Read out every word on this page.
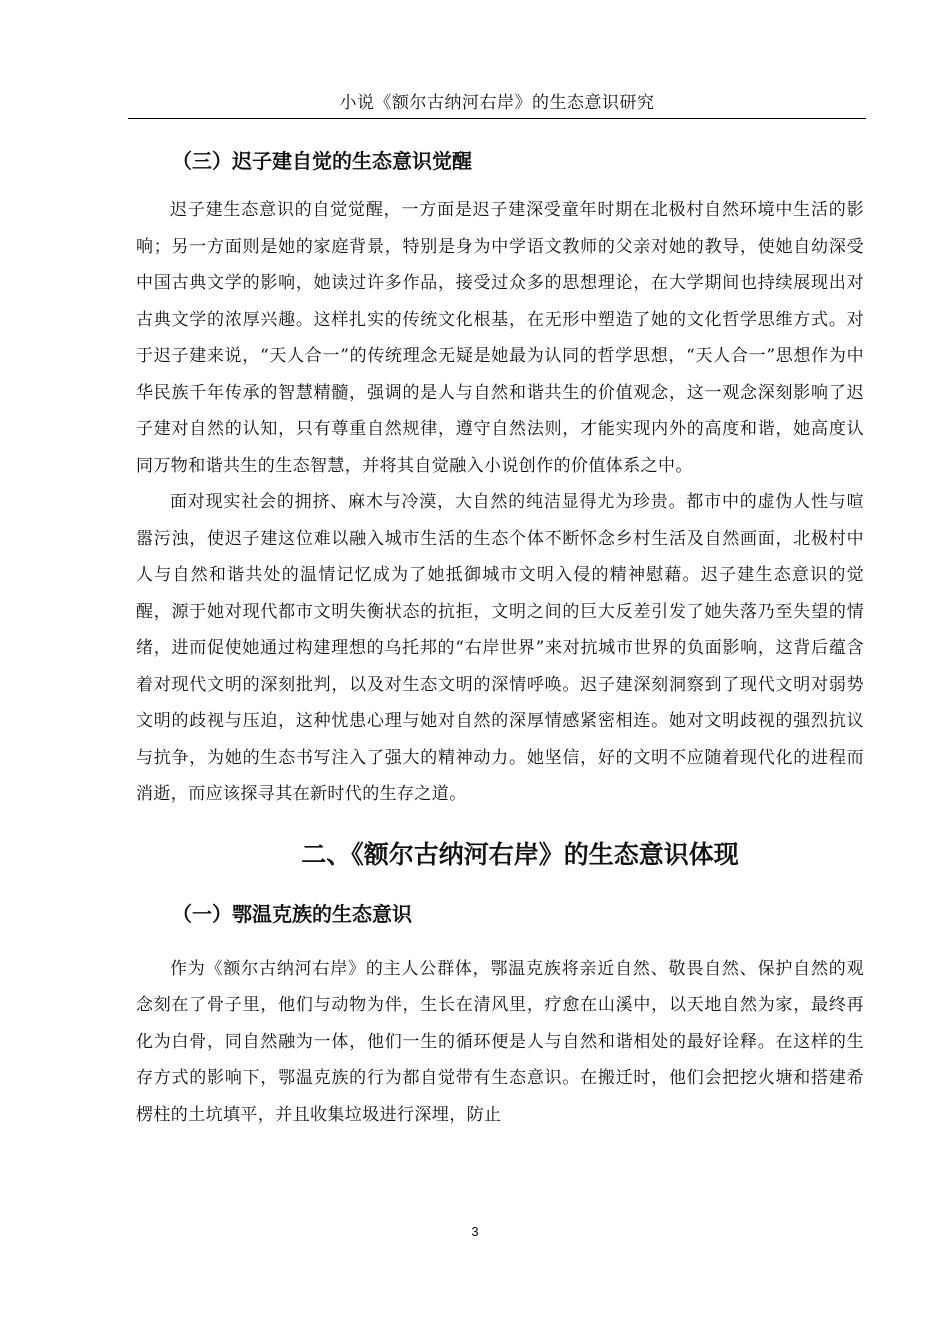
小说《额尔古纳河右岸》的生态意识研究
（三）迟子建自觉的生态意识觉醒

迟子建生态意识的自觉觉醒，一方面是迟子建深受童年时期在北极村自然环境中生活的影响；另一方面则是她的家庭背景，特别是身为中学语文教师的父亲对她的教导，使她自幼深受中国古典文学的影响，她读过许多作品，接受过众多的思想理论，在大学期间也持续展现出对古典文学的浓厚兴趣。这样扎实的传统文化根基，在无形中塑造了她的文化哲学思维方式。对于迟子建来说，“天人合一”的传统理念无疑是她最为认同的哲学思想，“天人合一”思想作为中华民族千年传承的智慧精髓，强调的是人与自然和谐共生的价值观念，这一观念深刻影响了迟子建对自然的认知，只有尊重自然规律，遵守自然法则，才能实现内外的高度和谐，她高度认同万物和谐共生的生态智慧，并将其自觉融入小说创作的价值体系之中。

面对现实社会的拥挤、麻木与冷漠，大自然的纯洁显得尤为珍贵。都市中的虚伪人性与喧嚣污浊，使迟子建这位难以融入城市生活的生态个体不断怀念乡村生活及自然画面，北极村中人与自然和谐共处的温情记忆成为了她抵御城市文明入侵的精神慰藉。迟子建生态意识的觉醒，源于她对现代都市文明失衡状态的抗拒，文明之间的巨大反差引发了她失落乃至失望的情绪，进而促使她通过构建理想的乌托邦的“右岸世界”来对抗城市世界的负面影响，这背后蕴含着对现代文明的深刻批判，以及对生态文明的深情呼唤。迟子建深刻洞察到了现代文明对弱势文明的歧视与压迫，这种忧患心理与她对自然的深厚情感紧密相连。她对文明歧视的强烈抗议与抗争，为她的生态书写注入了强大的精神动力。她坚信，好的文明不应随着现代化的进程而消逝，而应该探寻其在新时代的生存之道。

二、《额尔古纳河右岸》的生态意识体现
（一）鄂温克族的生态意识

作为《额尔古纳河右岸》的主人公群体，鄂温克族将亲近自然、敬畏自然、保护自然的观念刻在了骨子里，他们与动物为伴，生长在清风里，疗愈在山溪中，以天地自然为家，最终再化为白骨，同自然融为一体，他们一生的循环便是人与自然和谐相处的最好诠释。在这样的生存方式的影响下，鄂温克族的行为都自觉带有生态意识。在搬迁时，他们会把挖火塘和搭建希楞柱的土坑填平，并且收集垃圾进行深埋，防止

3
